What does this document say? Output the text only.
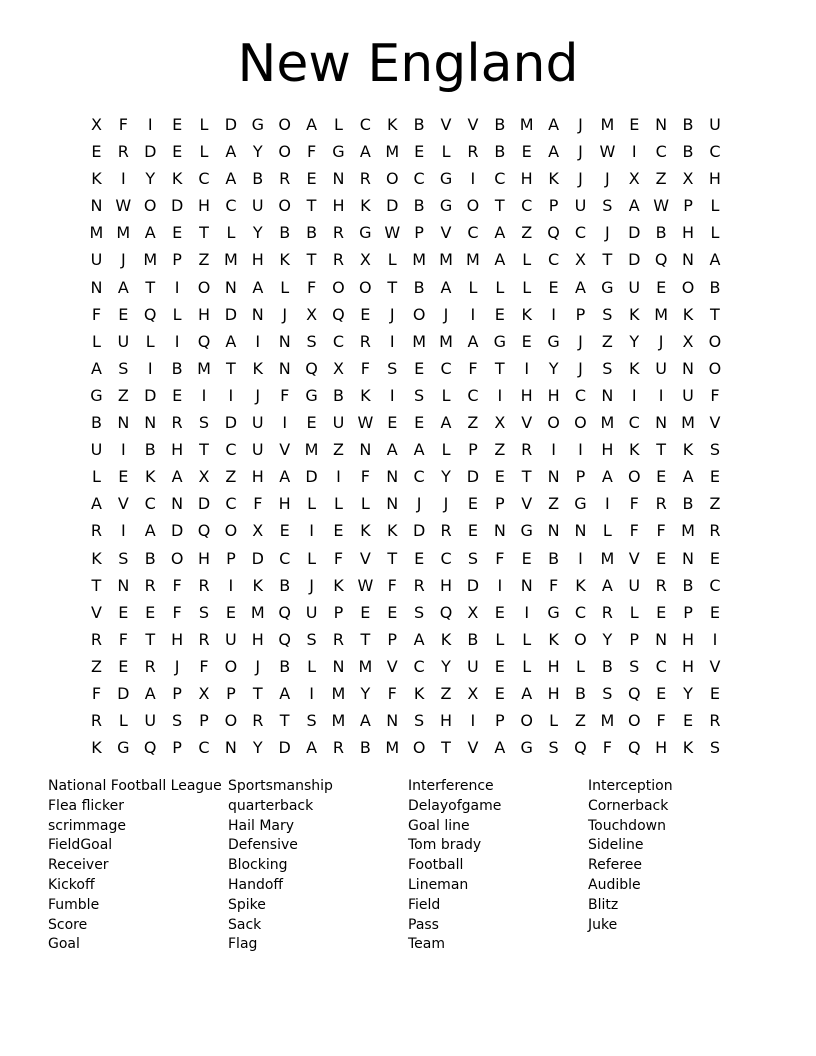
New England
X	F	I	E	L	D G O A	L	C	K	B V V B M A	J	M E N B U
E	R D E	L	A	Y O	F	G A M E	L	R B	E	A	J	W	I	C B C
K	I	Y	K	C A B R	E N R O C G	I	C H K	J	J	X Z X H
N W O D H C U O T H K D B G O T	C	P	U S	A W P	L
M M A	E	T	L	Y	B B R G W P	V C A Z Q C	J	D B H	L
U	J	M P	Z M H K	T	R X	L M M M A	L	C X	T D Q N A
N A	T	I	O N A	L	F O O T	B A	L	L	L	E	A G U E O B
F	E Q	L	H D N	J	X Q E	J	O	J	I	E	K	I	P	S	K M K	T
L	U	L	I	Q A	I	N S	C R	I	M M A G E G	J	Z	Y	J	X O
A	S	I	B M T	K N Q X	F	S	E	C	F	T	I	Y	J	S	K U N O
G Z D E	I	I	J	F	G B	K	I	S	L	C	I	H H C N	I	I	U	F
B N N R	S D U	I	E U W E	E	A Z X V O O M C N M V
U	I	B H T	C U V M Z N A A	L	P	Z R	I	I	H K	T	K	S
L	E	K	A X Z H A D	I	F	N C	Y D E	T	N	P	A O E	A	E
A V C N D C	F	H	L	L	L	N	J	J	E	P	V Z G	I	F	R B Z
R	I	A D Q O X	E	I	E	K	K D R	E N G N N	L	F	F M R
K	S	B O H	P D C	L	F	V	T	E	C	S	F	E	B	I	M V	E N E
T	N R	F	R	I	K	B	J	K W F	R H D	I	N	F	K	A U R B C
V	E	E	F	S	E M Q U	P	E	E	S Q X	E	I	G C R	L	E	P	E
R	F	T H R U H Q S	R	T	P	A	K	B	L	L	K O Y	P	N H	I
Z	E	R	J	F O	J	B	L	N M V C	Y	U E	L	H	L	B	S	C H V
F	D A	P	X	P	T	A	I	M Y	F	K	Z X	E	A H B	S Q E	Y	E
R	L	U S	P O R	T	S M A N S H	I	P O	L	Z M O	F	E	R
K G Q P	C N	Y D A R B M O T	V A G S Q	F Q H K	S
National Football League
Flea flicker
scrimmage
FieldGoal
Receiver
Kickoff
Fumble
Score
Goal
Sportsmanship
quarterback
Hail Mary
Defensive
Blocking
Handoff
Spike
Sack
Flag
Interference
Delayofgame
Goal line
Tom brady
Football
Lineman
Field
Pass
Team
Interception
Cornerback
Touchdown
Sideline
Referee
Audible
Blitz
Juke
